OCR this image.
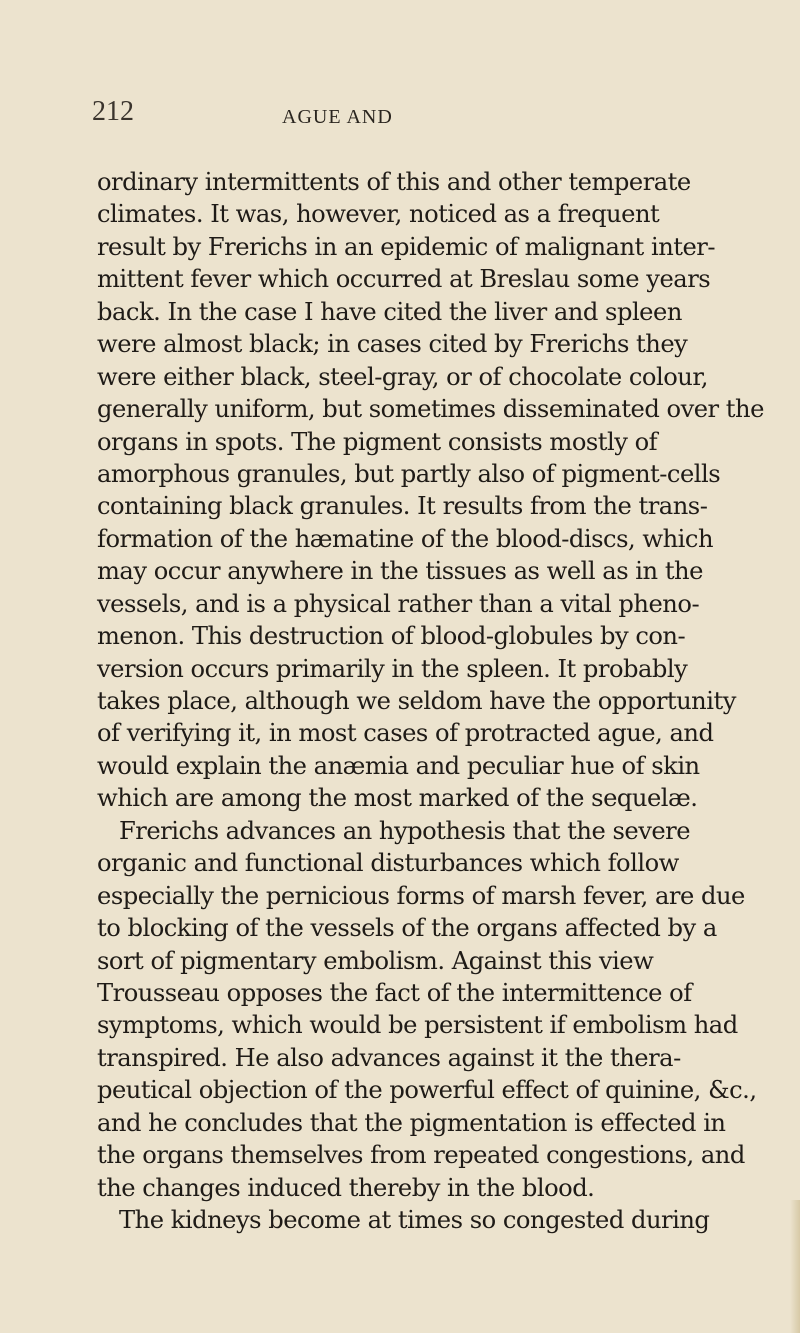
212	AGUE AND
ordinary intermittents of this and other temperate
climates. It was, however, noticed as a frequent
result by Frerichs in an epidemic of malignant inter-
mittent fever which occurred at Breslau some years
back. In the case I have cited the liver and spleen
were almost black; in cases cited by Frerichs they
were either black, steel-gray, or of chocolate colour,
generally uniform, but sometimes disseminated over the
organs in spots. The pigment consists mostly of
amorphous granules, but partly also of pigment-cells
containing black granules. It results from the trans-
formation of the hæmatine of the blood-discs, which
may occur anywhere in the tissues as well as in the
vessels, and is a physical rather than a vital pheno-
menon. This destruction of blood-globules by con-
version occurs primarily in the spleen. It probably
takes place, although we seldom have the opportunity
of verifying it, in most cases of protracted ague, and
would explain the anæmia and peculiar hue of skin
which are among the most marked of the sequelæ.
Frerichs advances an hypothesis that the severe
organic and functional disturbances which follow
especially the pernicious forms of marsh fever, are due
to blocking of the vessels of the organs affected by a
sort of pigmentary embolism. Against this view
Trousseau opposes the fact of the intermittence of
symptoms, which would be persistent if embolism had
transpired. He also advances against it the thera-
peutical objection of the powerful effect of quinine, &c.,
and he concludes that the pigmentation is effected in
the organs themselves from repeated congestions, and
the changes induced thereby in the blood.
The kidneys become at times so congested during
